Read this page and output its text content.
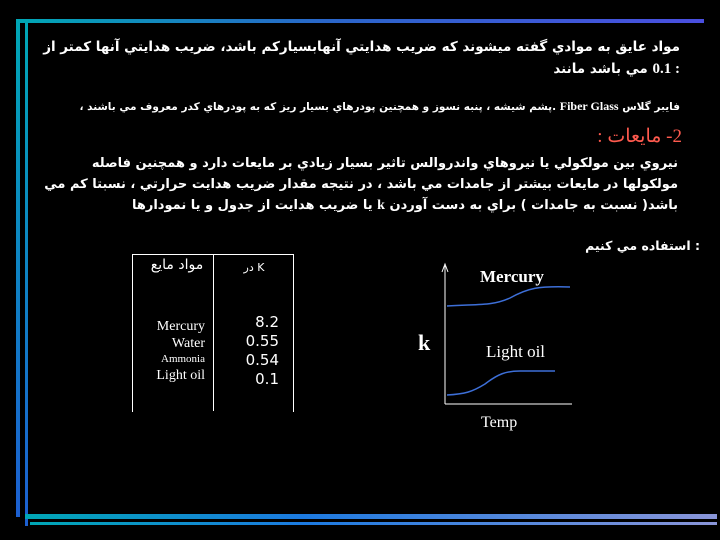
مواد عايق به موادي گفته ميشوند كه ضريب هدايتي آنهابسياركم باشد، ضريب هدايتي آنها كمتر از 0.1 : مي باشد مانند
فايبر گلاس Fiber Glass .پشم شيشه ، پنبه نسوز و همچنين پودرهاي بسيار ريز كه به پودرهاي كدر معروف مي باشند ،
2- مايعات :
نيروي بين مولكولي يا نيروهاي واندروالس تاثير بسيار زيادي بر مايعات دارد و همچنين فاصله مولكولها در مايعات بيشتر از جامدات مي باشد ، در نتيجه مقدار ضريب هدايت حرارتي ، نسبتا كم مي باشد( نسبت به جامدات ) براي به دست آوردن k يا ضريب هدايت از جدول و يا نمودارها
: استفاده مي كنيم
مواد مايع	K در
Mercury
Water
Ammonia
Light oil
8.2
0.55
0.54
0.1
k
Mercury
Light oil
Temp
